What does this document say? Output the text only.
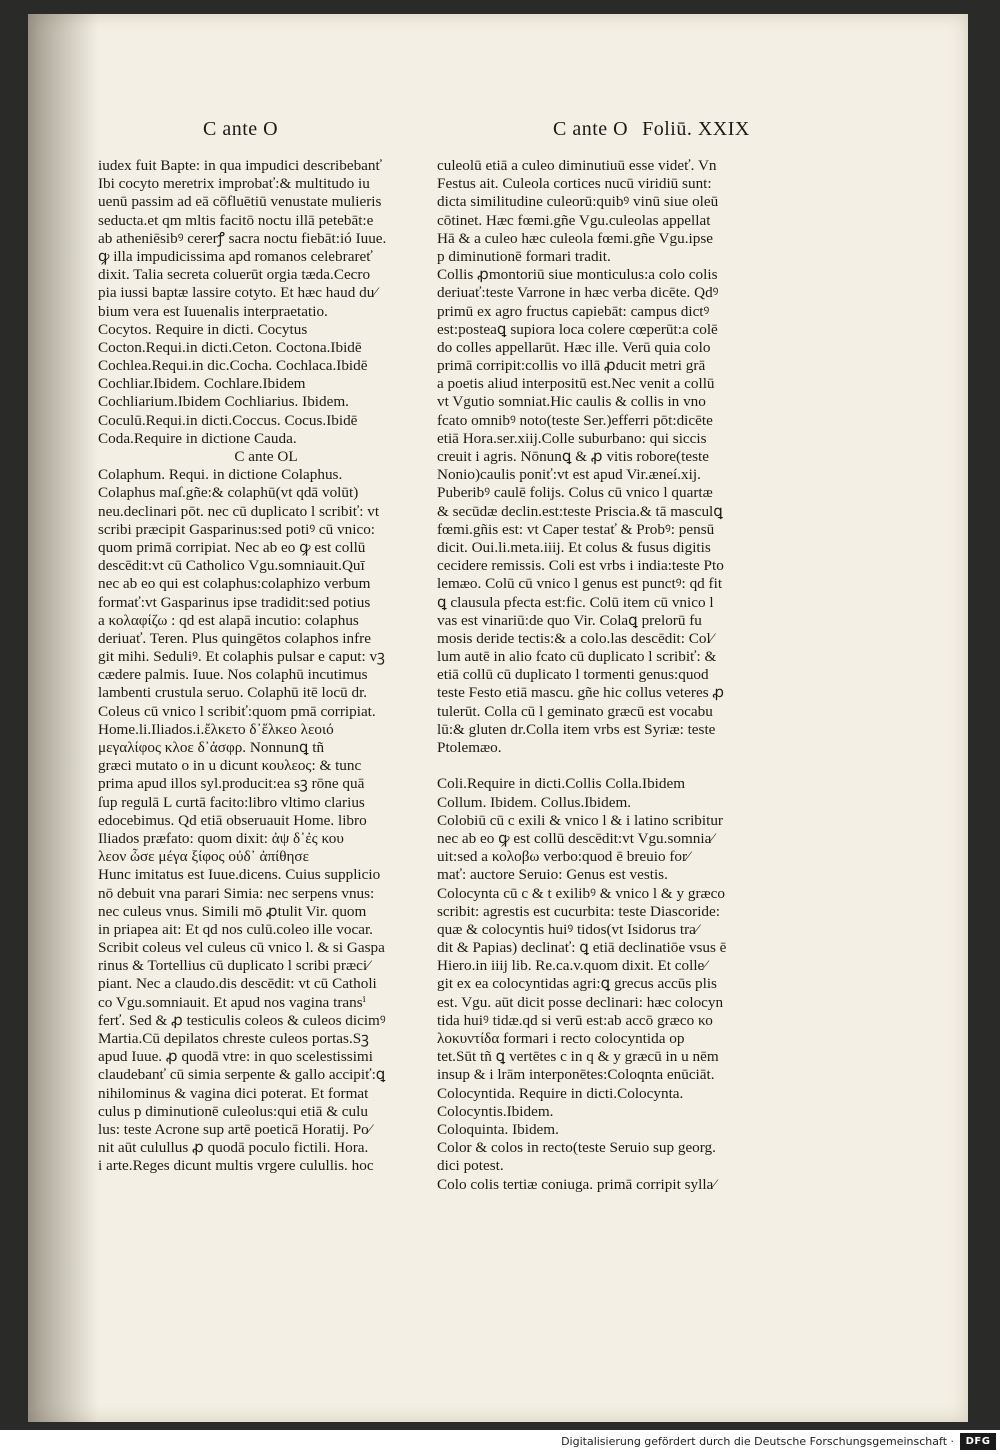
C ante O	C ante O Foliū. XXIX
iudex fuit Bapte: in qua impudici describebanť
Ibi cocyto meretrix improbať:& multitudo iu
uenū passim ad eā cōfluētiū venustate mulieris
seducta.et qm mltis facitō noctu illā petebāt:e
ab atheniēsibꝰ cererꝭ sacra noctu fiebāt:ió Iuue.
ꝙ illa impudicissima apd romanos celebrareť
dixit. Talia secreta coluerūt orgia tæda.Cecro
pia iussi baptæ lassire cotyto. Et hæc haud du⁄
bium vera est Iuuenalis interpraetatio.
Cocytos. Require in dicti. Cocytus
Cocton.Requi.in dicti.Ceton. Coctona.Ibidē
Cochlea.Requi.in dic.Cocha. Cochlaca.Ibidē
Cochliar.Ibidem. Cochlare.Ibidem
Cochliarium.Ibidem Cochliarius. Ibidem.
Coculū.Requi.in dicti.Coccus. Cocus.Ibidē
Coda.Require in dictione Cauda.
C ante OL
Colaphum. Requi. in dictione Colaphus.
Colaphus maſ.gñe:& colaphū(vt qdā volūt)
neu.declinari pōt. nec cū duplicato l scribiť: vt
scribi præcipit Gasparinus:sed potiꝰ cū vnico:
quom primā corripiat. Nec ab eo ꝙ est collū
descēdit:vt cū Catholico Vgu.somniauit.Quī
nec ab eo qui est colaphus:colaphizo verbum
formať:vt Gasparinus ipse tradidit:sed potius
a κολαφίζω : qd est alapā incutio: colaphus
deriuať. Teren. Plus quingētos colaphos infre
git mihi. Seduliꝰ. Et colaphis pulsar e caput: vꝫ
cædere palmis. Iuue. Nos colaphū incutimus
lambenti crustula seruo. Colaphū itē locū dr.
Coleus cū vnico l scribiť:quom pmā corripiat.
Home.li.Iliados.i.ἔλκετο δ᾽ἕλκεο λεοιό
μεγαλίφος κλοε δ᾽ἀσφρ. Nonnunꝗ tñ
græci mutato o in u dicunt κουλεος: & tunc
prima apud illos syl.producit:ea sꝫ rōne quā
ſup regulā L curtā facito:libro vltimo clarius
edocebimus. Qd etiā obseruauit Home. libro
Iliados præfato: quom dixit: ἀψ δ᾽ἐς κου
λεον ὦσε μέγα ξίφος οὐδ᾽ ἀπίθησε
Hunc imitatus est Iuue.dicens. Cuius supplicio
nō debuit vna parari Simia: nec serpens vnus:
nec culeus vnus. Simili mō ꝓtulit Vir. quom
in priapea ait: Et qd nos culū.coleo ille vocar.
Scribit coleus vel culeus cū vnico l. & si Gaspa
rinus & Tortellius cū duplicato l scribi præci⁄
piant. Nec a claudo.dis descēdit: vt cū Catholi
co Vgu.somniauit. Et apud nos vagina transⁱ
ferť. Sed & ꝓ testiculis coleos & culeos dicimꝰ
Martia.Cū depilatos chreste culeos portas.Sꝫ
apud Iuue. ꝓ quodā vtre: in quo scelestissimi
claudebanť cū simia serpente & gallo accipiť:ꝗ
nihilominus & vagina dici poterat. Et format
culus p diminutionē culeolus:qui etiā & culu
lus: teste Acrone sup artē poeticā Horatij. Po⁄
nit aūt culullus ꝓ quodā poculo fictili. Hora.
i arte.Reges dicunt multis vrgere culullis. hoc
culeolū etiā a culeo diminutiuū esse videť. Vn
Festus ait. Culeola cortices nucū viridiū sunt:
dicta similitudine culeorū:quibꝰ vinū siue oleū
cōtinet. Hæc fœmi.gñe Vgu.culeolas appellat
Hā & a culeo hæc culeola fœmi.gñe Vgu.ipse
p diminutionē formari tradit.
Collis ꝓmontoriū siue monticulus:a colo colis
deriuať:teste Varrone in hæc verba dicēte. Qdꝰ
primū ex agro fructus capiebāt: campus dictꝰ
est:posteaꝗ supiora loca colere cœperūt:a colē
do colles appellarūt. Hæc ille. Verū quia colo
primā corripit:collis vo illā ꝓducit metri grā
a poetis aliud interpositū est.Nec venit a collū
vt Vgutio somniat.Hic caulis & collis in vno
fcato omnibꝰ noto(teste Ser.)efferri pōt:dicēte
etiā Hora.ser.xiij.Colle suburbano: qui siccis
creuit i agris. Nōnunꝗ & ꝓ vitis robore(teste
Nonio)caulis poniť:vt est apud Vir.æneí.xij.
Puberibꝰ caulē folijs. Colus cū vnico l quartæ
& secūdæ declin.est:teste Priscia.& tā masculꝗ
fœmi.gñis est: vt Caper testať & Probꝰ: pensū
dicit. Oui.li.meta.iiij. Et colus & fusus digitis
cecidere remissis. Coli est vrbs i india:teste Pto
lemæo. Colū cū vnico l genus est punctꝰ: qd fit
ꝗ clausula pfecta est:fic. Colū item cū vnico l
vas est vinariū:de quo Vir. Colaꝗ prelorū fu
mosis deride tectis:& a colo.las descēdit: Col⁄
lum autē in alio fcato cū duplicato l scribiť: &
etiā collū cū duplicato l tormenti genus:quod
teste Festo etiā mascu. gñe hic collus veteres ꝓ
tulerūt. Colla cū l geminato græcū est vocabu
lū:& gluten dr.Colla item vrbs est Syriæ: teste
Ptolemæo.
Coli.Require in dicti.Collis Colla.Ibidem
Collum. Ibidem. Collus.Ibidem.
Colobiū cū c exili & vnico l & i latino scribitur
nec ab eo ꝙ est collū descēdit:vt Vgu.somnia⁄
uit:sed a κολοβω verbo:quod ē breuio for⁄
mať: auctore Seruio: Genus est vestis.
Colocynta cū c & t exilibꝰ & vnico l & y græco
scribit: agrestis est cucurbita: teste Diascoride:
quæ & colocyntis huiꝰ tidos(vt Isidorus tra⁄
dit & Papias) declinať: ꝗ etiā declinatiōe vsus ē
Hiero.in iiij lib. Re.ca.v.quom dixit. Et colle⁄
git ex ea colocyntidas agri:ꝗ grecus accūs plis
est. Vgu. aūt dicit posse declinari: hæc colocyn
tida huiꝰ tidæ.qd si verū est:ab accō græco κο
λοκυντίδα formari i recto colocyntida op
tet.Sūt tñ ꝗ vertētes c in q & y græcū in u nēm
insup & i lrām interponētes:Coloqnta enūciāt.
Colocyntida. Require in dicti.Colocynta.
Colocyntis.Ibidem.
Coloquinta. Ibidem.
Color & colos in recto(teste Seruio sup georg.
dici potest.
Colo colis tertiæ coniuga. primā corripit sylla⁄
Digitalisierung gefördert durch die Deutsche Forschungsgemeinschaft ·	DFG
